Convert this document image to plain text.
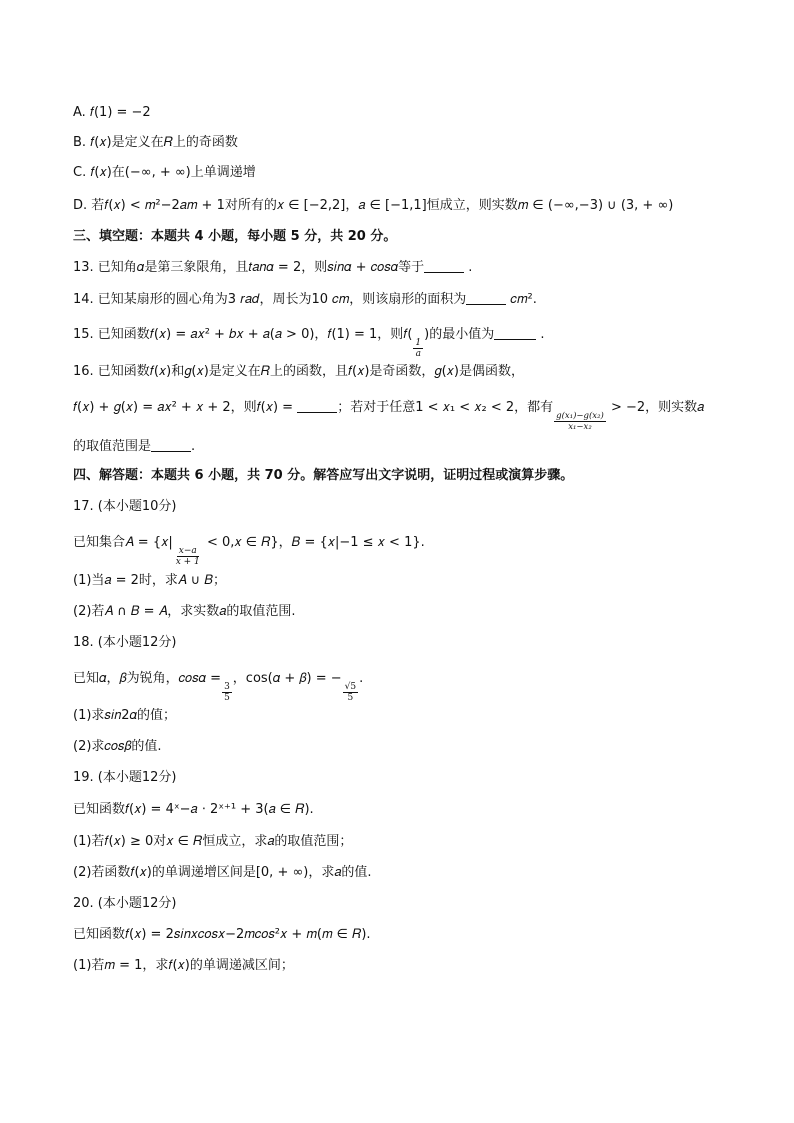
A. 𝑓(1) = −2
B. 𝑓(𝑥)是定义在𝑅上的奇函数
C. 𝑓(𝑥)在(−∞, + ∞)上单调递增
D. 若𝑓(𝑥) < 𝑚²−2𝑎𝑚 + 1对所有的𝑥 ∈ [−2,2]，𝑎 ∈ [−1,1]恒成立，则实数𝑚 ∈ (−∞,−3) ∪ (3, + ∞)
三、填空题：本题共 4 小题，每小题 5 分，共 20 分。
13. 已知角𝛼是第三象限角，且𝑡𝑎𝑛𝛼 = 2，则𝑠𝑖𝑛𝛼 + 𝑐𝑜𝑠𝛼等于	.
14. 已知某扇形的圆心角为3 𝑟𝑎𝑑，周长为10 𝑐𝑚，则该扇形的面积为	𝑐𝑚².
15. 已知函数𝑓(𝑥) = 𝑎𝑥² + 𝑏𝑥 + 𝑎(𝑎 > 0)，𝑓(1) = 1，则𝑓(
$\frac{1}{\text{𝑎}}$
)的最小值为	.
16. 已知函数𝑓(𝑥)和𝑔(𝑥)是定义在𝑅上的函数，且𝑓(𝑥)是奇函数，𝑔(𝑥)是偶函数，
𝑓(𝑥) + 𝑔(𝑥) = 𝑎𝑥² + 𝑥 + 2，则𝑓(𝑥) =	；若对于任意1 < 𝑥₁ < 𝑥₂ < 2，都有
$\frac{\text{𝑔(𝑥₁)−𝑔(𝑥₂)}}{\text{𝑥₁−𝑥₂}}$
> −2，则实数𝑎
的取值范围是	.
四、解答题：本题共 6 小题，共 70 分。解答应写出文字说明，证明过程或演算步骤。
17. (本小题10分)
已知集合𝐴 = {𝑥|
$\frac{\text{𝑥−𝑎}}{\text{𝑥 + 1}}$
< 0,𝑥 ∈ 𝑅}，𝐵 = {𝑥|−1 ≤ 𝑥 < 1}.
(1)当𝑎 = 2时，求𝐴 ∪ 𝐵；
(2)若𝐴 ∩ 𝐵 = 𝐴，求实数𝑎的取值范围.
18. (本小题12分)
已知𝛼，𝛽为锐角，𝑐𝑜𝑠𝛼 =
$\frac{3}{5}$
，cos(𝛼 + 𝛽) = −
$\frac{√5}{5}$
.
(1)求𝑠𝑖𝑛2𝛼的值；
(2)求𝑐𝑜𝑠𝛽的值.
19. (本小题12分)
已知函数𝑓(𝑥) = 4ˣ−𝑎 ⋅ 2ˣ⁺¹ + 3(𝑎 ∈ 𝑅).
(1)若𝑓(𝑥) ≥ 0对𝑥 ∈ 𝑅恒成立，求𝑎的取值范围；
(2)若函数𝑓(𝑥)的单调递增区间是[0, + ∞)，求𝑎的值.
20. (本小题12分)
已知函数𝑓(𝑥) = 2𝑠𝑖𝑛𝑥𝑐𝑜𝑠𝑥−2𝑚𝑐𝑜𝑠²𝑥 + 𝑚(𝑚 ∈ 𝑅).
(1)若𝑚 = 1，求𝑓(𝑥)的单调递减区间；
